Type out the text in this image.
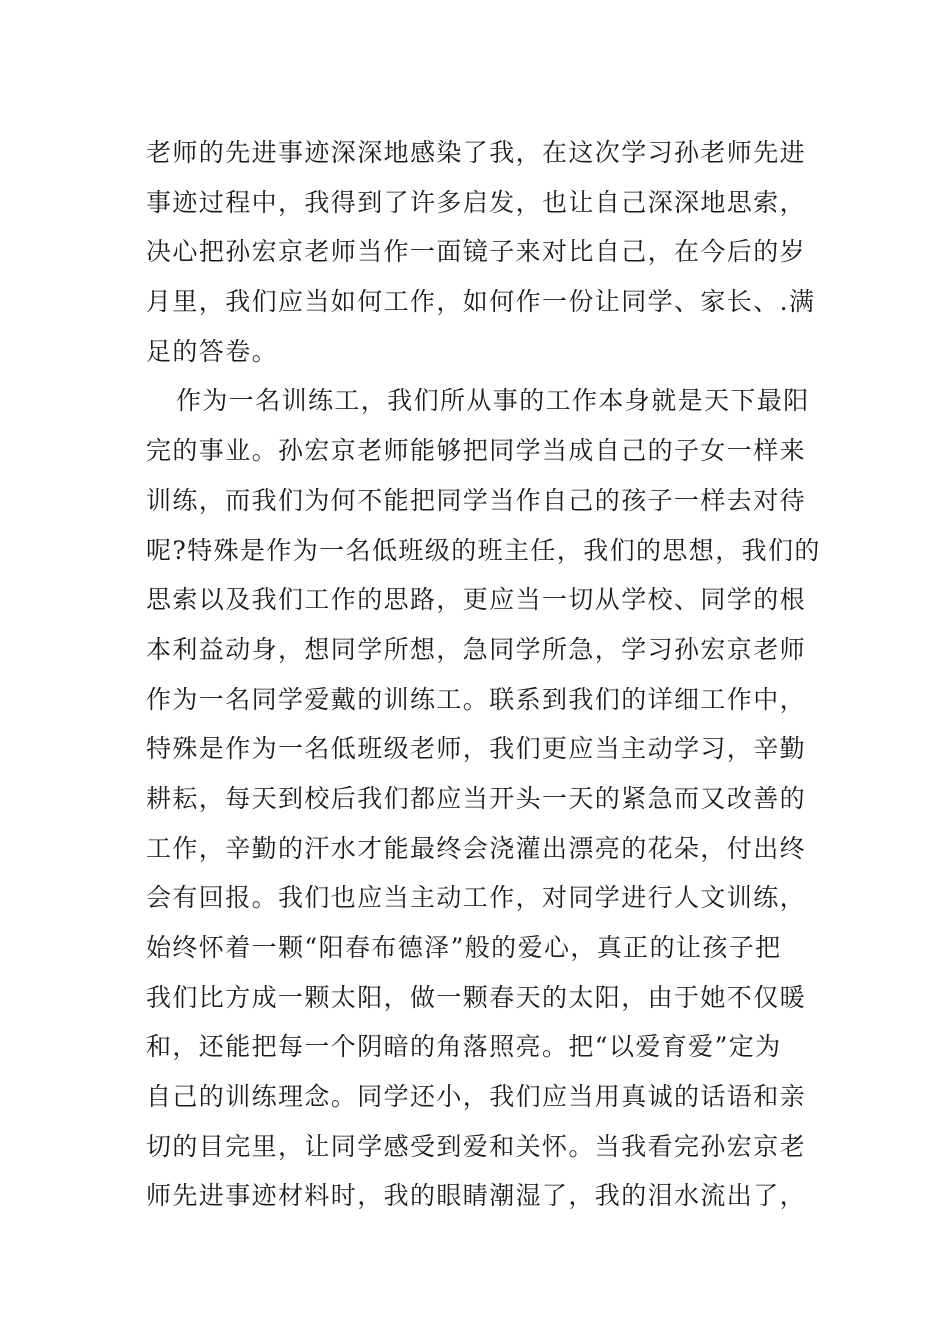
老师的先进事迹深深地感染了我，在这次学习孙老师先进
事迹过程中，我得到了许多启发，也让自己深深地思索，
决心把孙宏京老师当作一面镜子来对比自己，在今后的岁
月里，我们应当如何工作，如何作一份让同学、家长、.满
足的答卷。
作为一名训练工，我们所从事的工作本身就是天下最阳
完的事业。孙宏京老师能够把同学当成自己的子女一样来
训练，而我们为何不能把同学当作自己的孩子一样去对待
呢?特殊是作为一名低班级的班主任，我们的思想，我们的
思索以及我们工作的思路，更应当一切从学校、同学的根
本利益动身，想同学所想，急同学所急，学习孙宏京老师
作为一名同学爱戴的训练工。联系到我们的详细工作中，
特殊是作为一名低班级老师，我们更应当主动学习，辛勤
耕耘，每天到校后我们都应当开头一天的紧急而又改善的
工作，辛勤的汗水才能最终会浇灌出漂亮的花朵，付出终
会有回报。我们也应当主动工作，对同学进行人文训练，
始终怀着一颗“阳春布德泽”般的爱心，真正的让孩子把
我们比方成一颗太阳，做一颗春天的太阳，由于她不仅暖
和，还能把每一个阴暗的角落照亮。把“以爱育爱”定为
自己的训练理念。同学还小，我们应当用真诚的话语和亲
切的目完里，让同学感受到爱和关怀。当我看完孙宏京老
师先进事迹材料时，我的眼睛潮湿了，我的泪水流出了，
